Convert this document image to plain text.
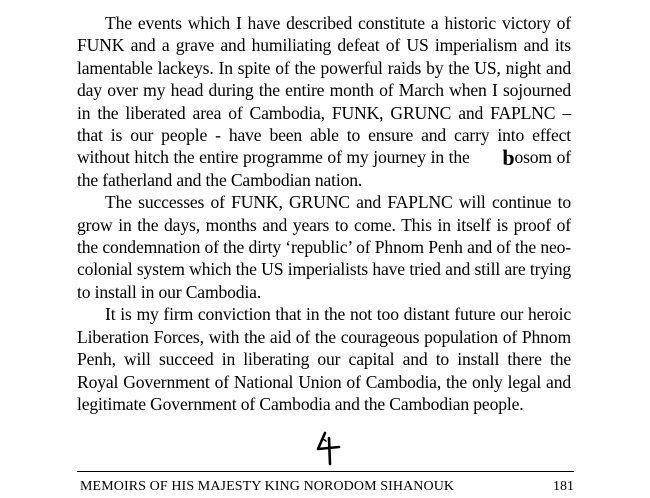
The events which I have described constitute a historic victory of FUNK and a grave and humiliating defeat of US imperialism and its lamentable lackeys. In spite of the powerful raids by the US, night and day over my head during the entire month of March when I sojourned in the liberated area of Cambodia, FUNK, GRUNC and FAPLNC – that is our people - have been able to ensure and carry into effect without hitch the entire programme of my journey in the bosom of the fatherland and the Cambodian nation.

The successes of FUNK, GRUNC and FAPLNC will continue to grow in the days, months and years to come. This in itself is proof of the condemnation of the dirty ‘republic’ of Phnom Penh and of the neo-colonial system which the US imperialists have tried and still are trying to install in our Cambodia.

It is my firm conviction that in the not too distant future our heroic Liberation Forces, with the aid of the courageous population of Phnom Penh, will succeed in liberating our capital and to install there the Royal Government of National Union of Cambodia, the only legal and legitimate Government of Cambodia and the Cambodian people.

MEMOIRS OF HIS MAJESTY KING NORODOM SIHANOUK	181
